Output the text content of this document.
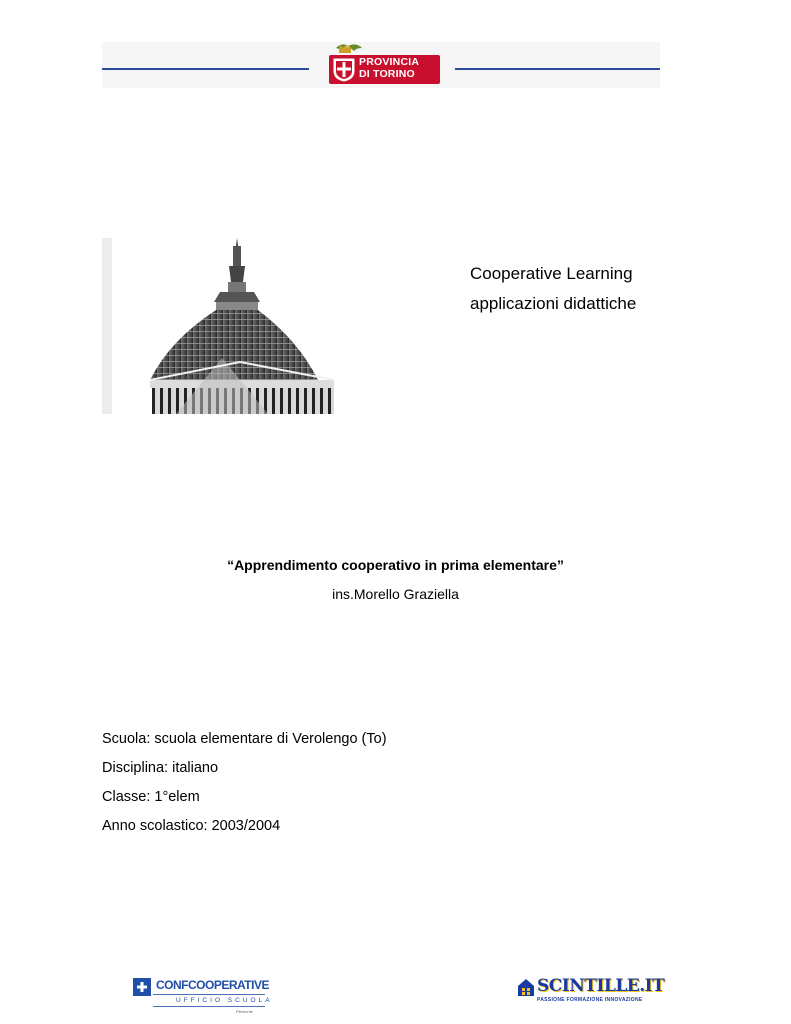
PROVINCIA
DI TORINO
Cooperative Learning
applicazioni didattiche
“Apprendimento cooperativo in prima elementare”
ins.Morello Graziella
Scuola: scuola elementare di Verolengo (To)
Disciplina: italiano
Classe: 1°elem
Anno scolastico: 2003/2004
CONFCOOPERATIVE
UFFICIO SCUOLA
Piemonte
SCINTILLE.IT
PASSIONE FORMAZIONE INNOVAZIONE
